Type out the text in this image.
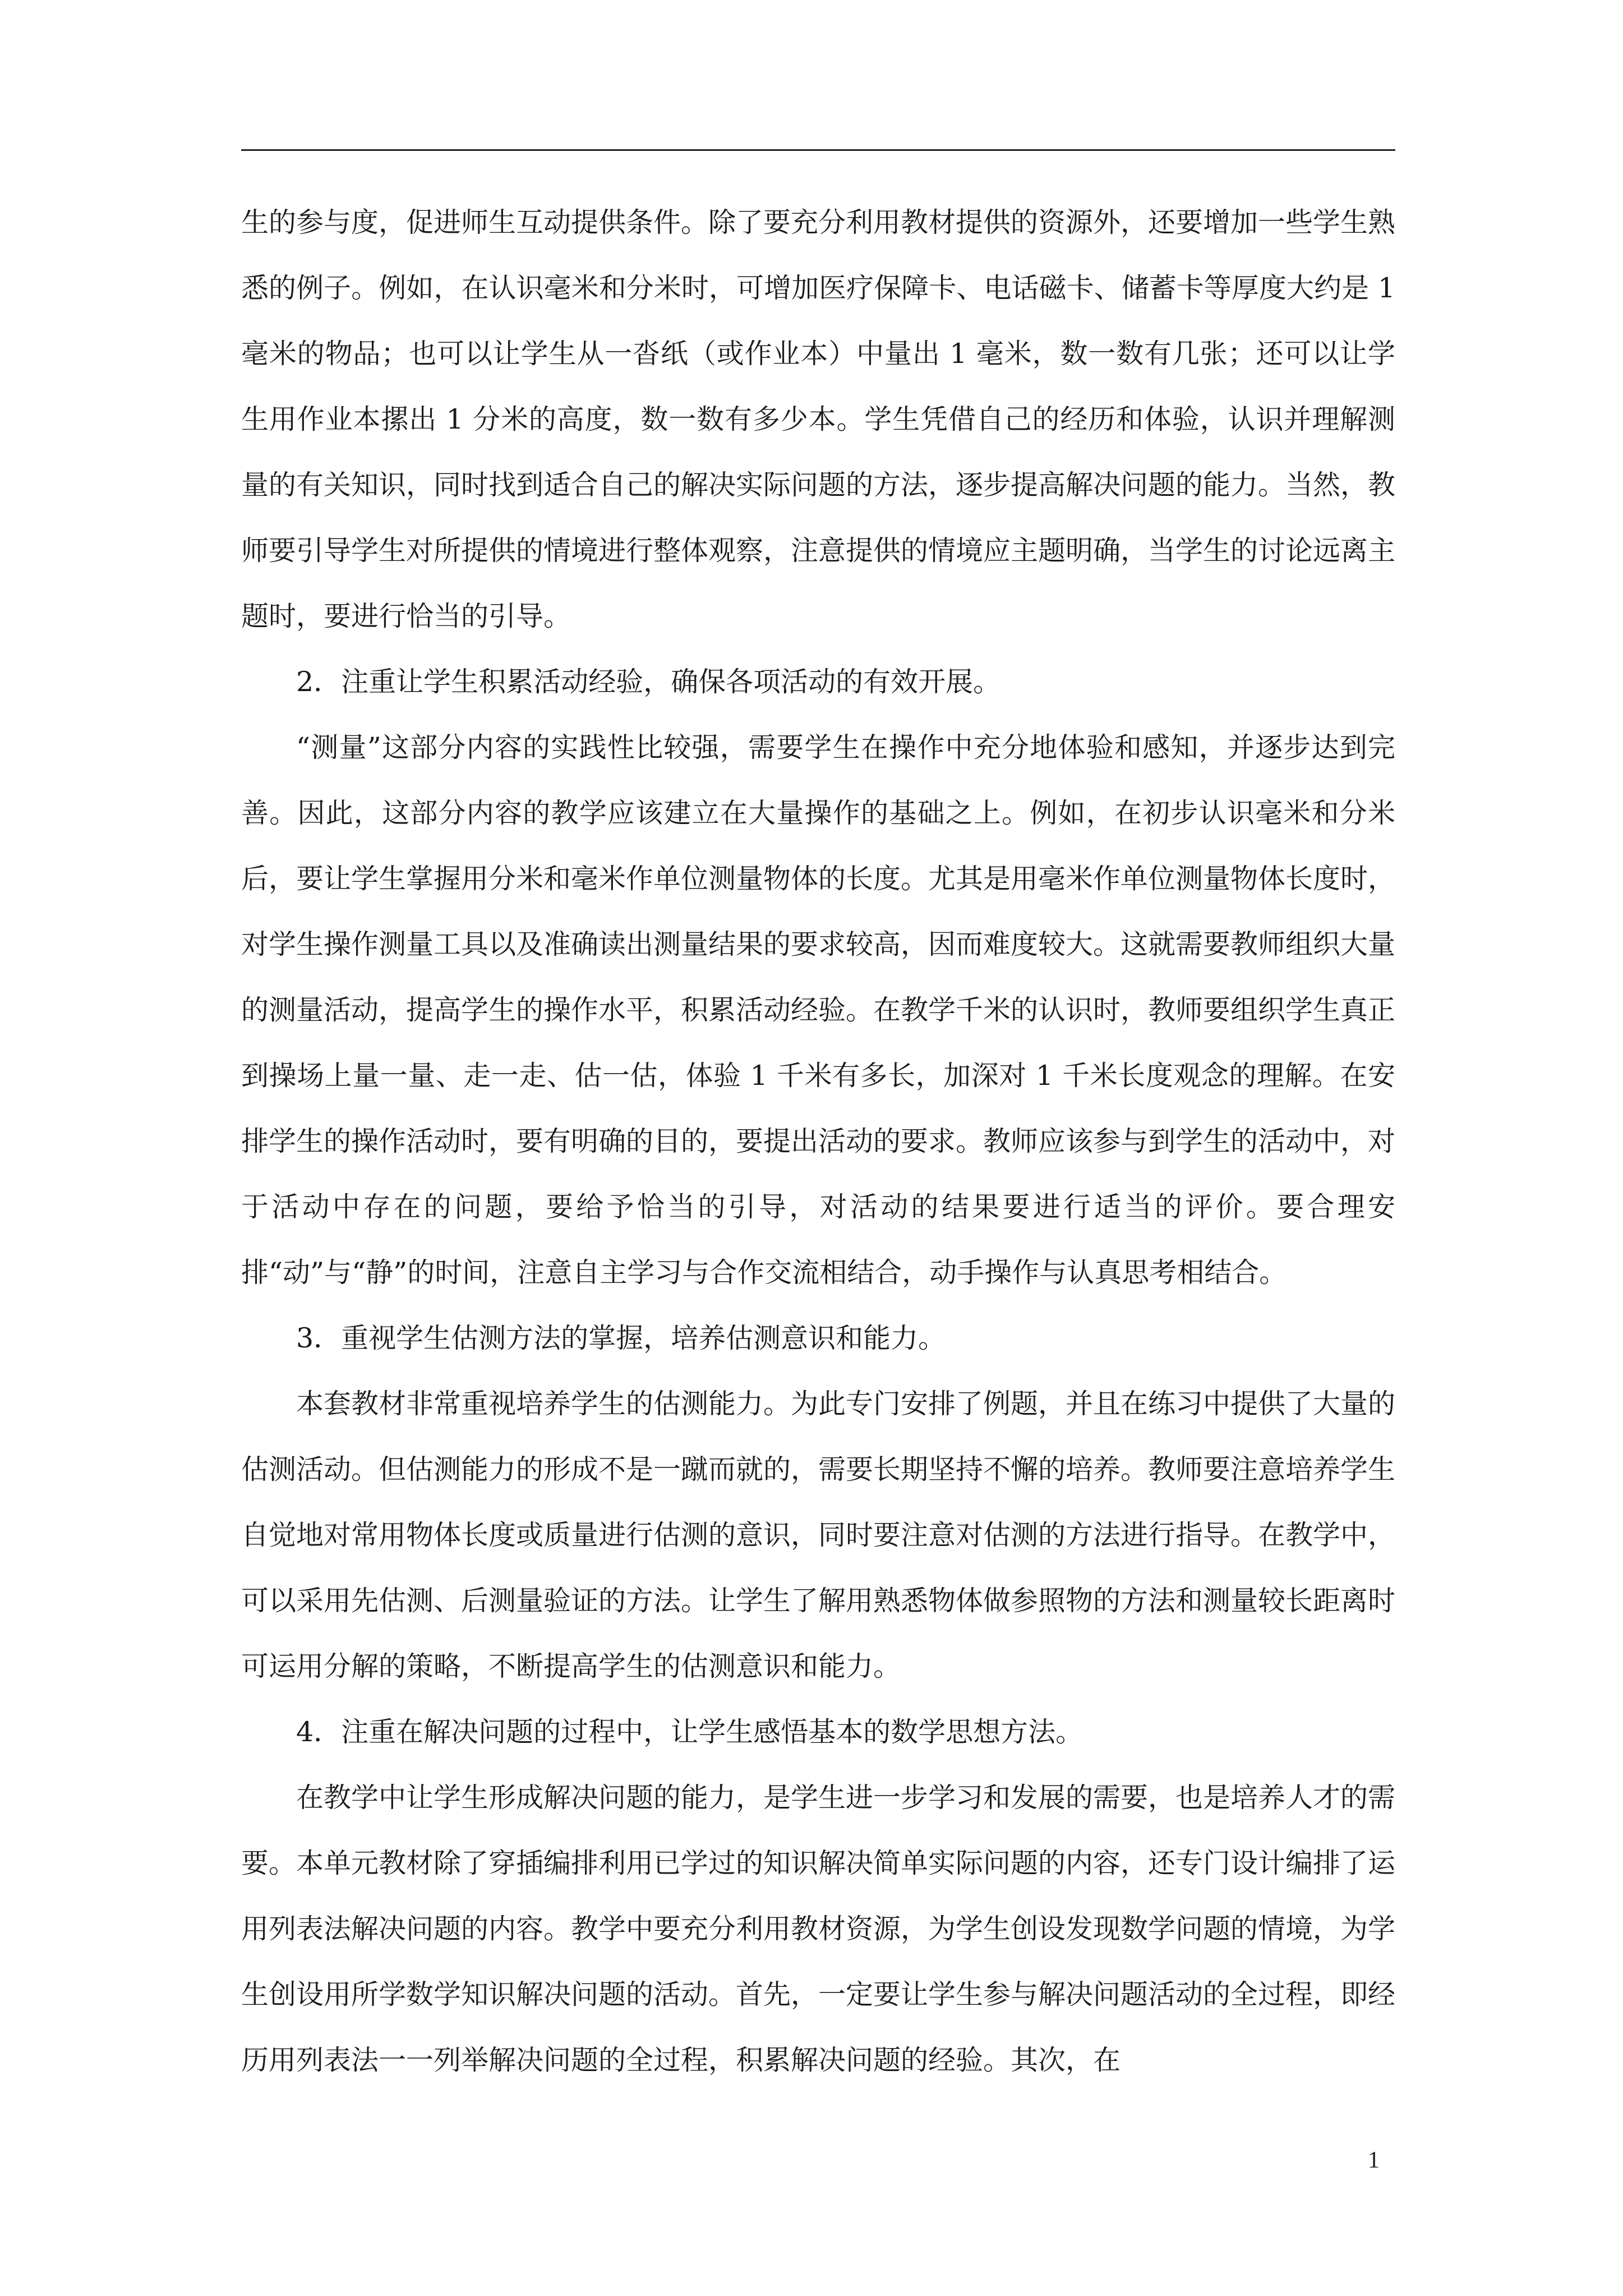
生的参与度，促进师生互动提供条件。除了要充分利用教材提供的资源外，还要增加一些学生熟悉的例子。例如，在认识毫米和分米时，可增加医疗保障卡、电话磁卡、储蓄卡等厚度大约是 1 毫米的物品；也可以让学生从一沓纸（或作业本）中量出 1 毫米，数一数有几张；还可以让学生用作业本摞出 1 分米的高度，数一数有多少本。学生凭借自己的经历和体验，认识并理解测量的有关知识，同时找到适合自己的解决实际问题的方法，逐步提高解决问题的能力。当然，教师要引导学生对所提供的情境进行整体观察，注意提供的情境应主题明确，当学生的讨论远离主题时，要进行恰当的引导。

2．注重让学生积累活动经验，确保各项活动的有效开展。

“测量”这部分内容的实践性比较强，需要学生在操作中充分地体验和感知，并逐步达到完善。因此，这部分内容的教学应该建立在大量操作的基础之上。例如，在初步认识毫米和分米后，要让学生掌握用分米和毫米作单位测量物体的长度。尤其是用毫米作单位测量物体长度时，对学生操作测量工具以及准确读出测量结果的要求较高，因而难度较大。这就需要教师组织大量的测量活动，提高学生的操作水平，积累活动经验。在教学千米的认识时，教师要组织学生真正到操场上量一量、走一走、估一估，体验 1 千米有多长，加深对 1 千米长度观念的理解。在安排学生的操作活动时，要有明确的目的，要提出活动的要求。教师应该参与到学生的活动中，对于活动中存在的问题，要给予恰当的引导，对活动的结果要进行适当的评价。要合理安排“动”与“静”的时间，注意自主学习与合作交流相结合，动手操作与认真思考相结合。

3．重视学生估测方法的掌握，培养估测意识和能力。

本套教材非常重视培养学生的估测能力。为此专门安排了例题，并且在练习中提供了大量的估测活动。但估测能力的形成不是一蹴而就的，需要长期坚持不懈的培养。教师要注意培养学生自觉地对常用物体长度或质量进行估测的意识，同时要注意对估测的方法进行指导。在教学中，可以采用先估测、后测量验证的方法。让学生了解用熟悉物体做参照物的方法和测量较长距离时可运用分解的策略，不断提高学生的估测意识和能力。

4．注重在解决问题的过程中，让学生感悟基本的数学思想方法。

在教学中让学生形成解决问题的能力，是学生进一步学习和发展的需要，也是培养人才的需要。本单元教材除了穿插编排利用已学过的知识解决简单实际问题的内容，还专门设计编排了运用列表法解决问题的内容。教学中要充分利用教材资源，为学生创设发现数学问题的情境，为学生创设用所学数学知识解决问题的活动。首先，一定要让学生参与解决问题活动的全过程，即经历用列表法一一列举解决问题的全过程，积累解决问题的经验。其次，在

1
